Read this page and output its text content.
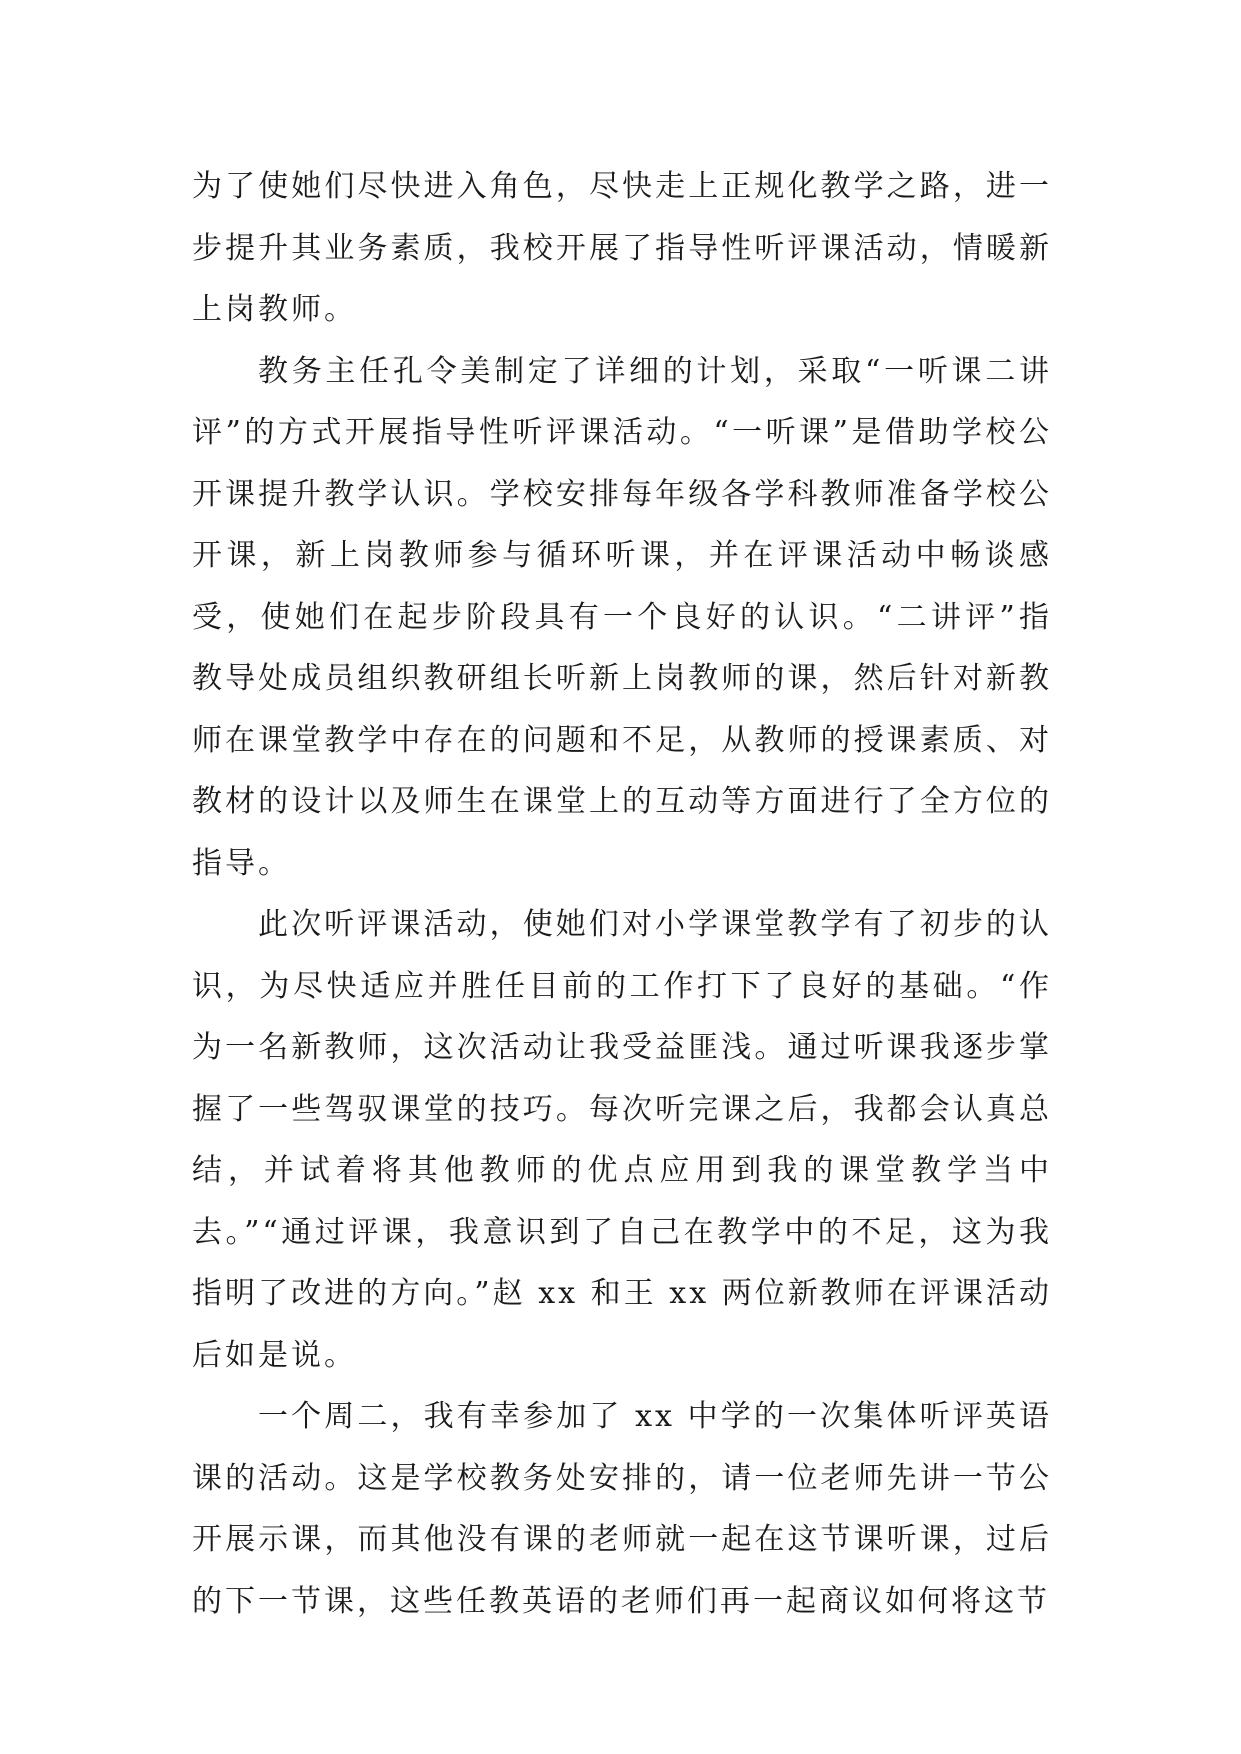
为了使她们尽快进入角色，尽快走上正规化教学之路，进一步提升其业务素质，我校开展了指导性听评课活动，情暖新上岗教师。

教务主任孔令美制定了详细的计划，采取“一听课二讲评”的方式开展指导性听评课活动。“一听课”是借助学校公开课提升教学认识。学校安排每年级各学科教师准备学校公开课，新上岗教师参与循环听课，并在评课活动中畅谈感受，使她们在起步阶段具有一个良好的认识。“二讲评”指教导处成员组织教研组长听新上岗教师的课，然后针对新教师在课堂教学中存在的问题和不足，从教师的授课素质、对教材的设计以及师生在课堂上的互动等方面进行了全方位的指导。

此次听评课活动，使她们对小学课堂教学有了初步的认识，为尽快适应并胜任目前的工作打下了良好的基础。“作为一名新教师，这次活动让我受益匪浅。通过听课我逐步掌握了一些驾驭课堂的技巧。每次听完课之后，我都会认真总结，并试着将其他教师的优点应用到我的课堂教学当中去。”“通过评课，我意识到了自己在教学中的不足，这为我指明了改进的方向。”赵 xx 和王 xx 两位新教师在评课活动后如是说。

一个周二，我有幸参加了 xx 中学的一次集体听评英语课的活动。这是学校教务处安排的，请一位老师先讲一节公开展示课，而其他没有课的老师就一起在这节课听课，过后的下一节课，这些任教英语的老师们再一起商议如何将这节
